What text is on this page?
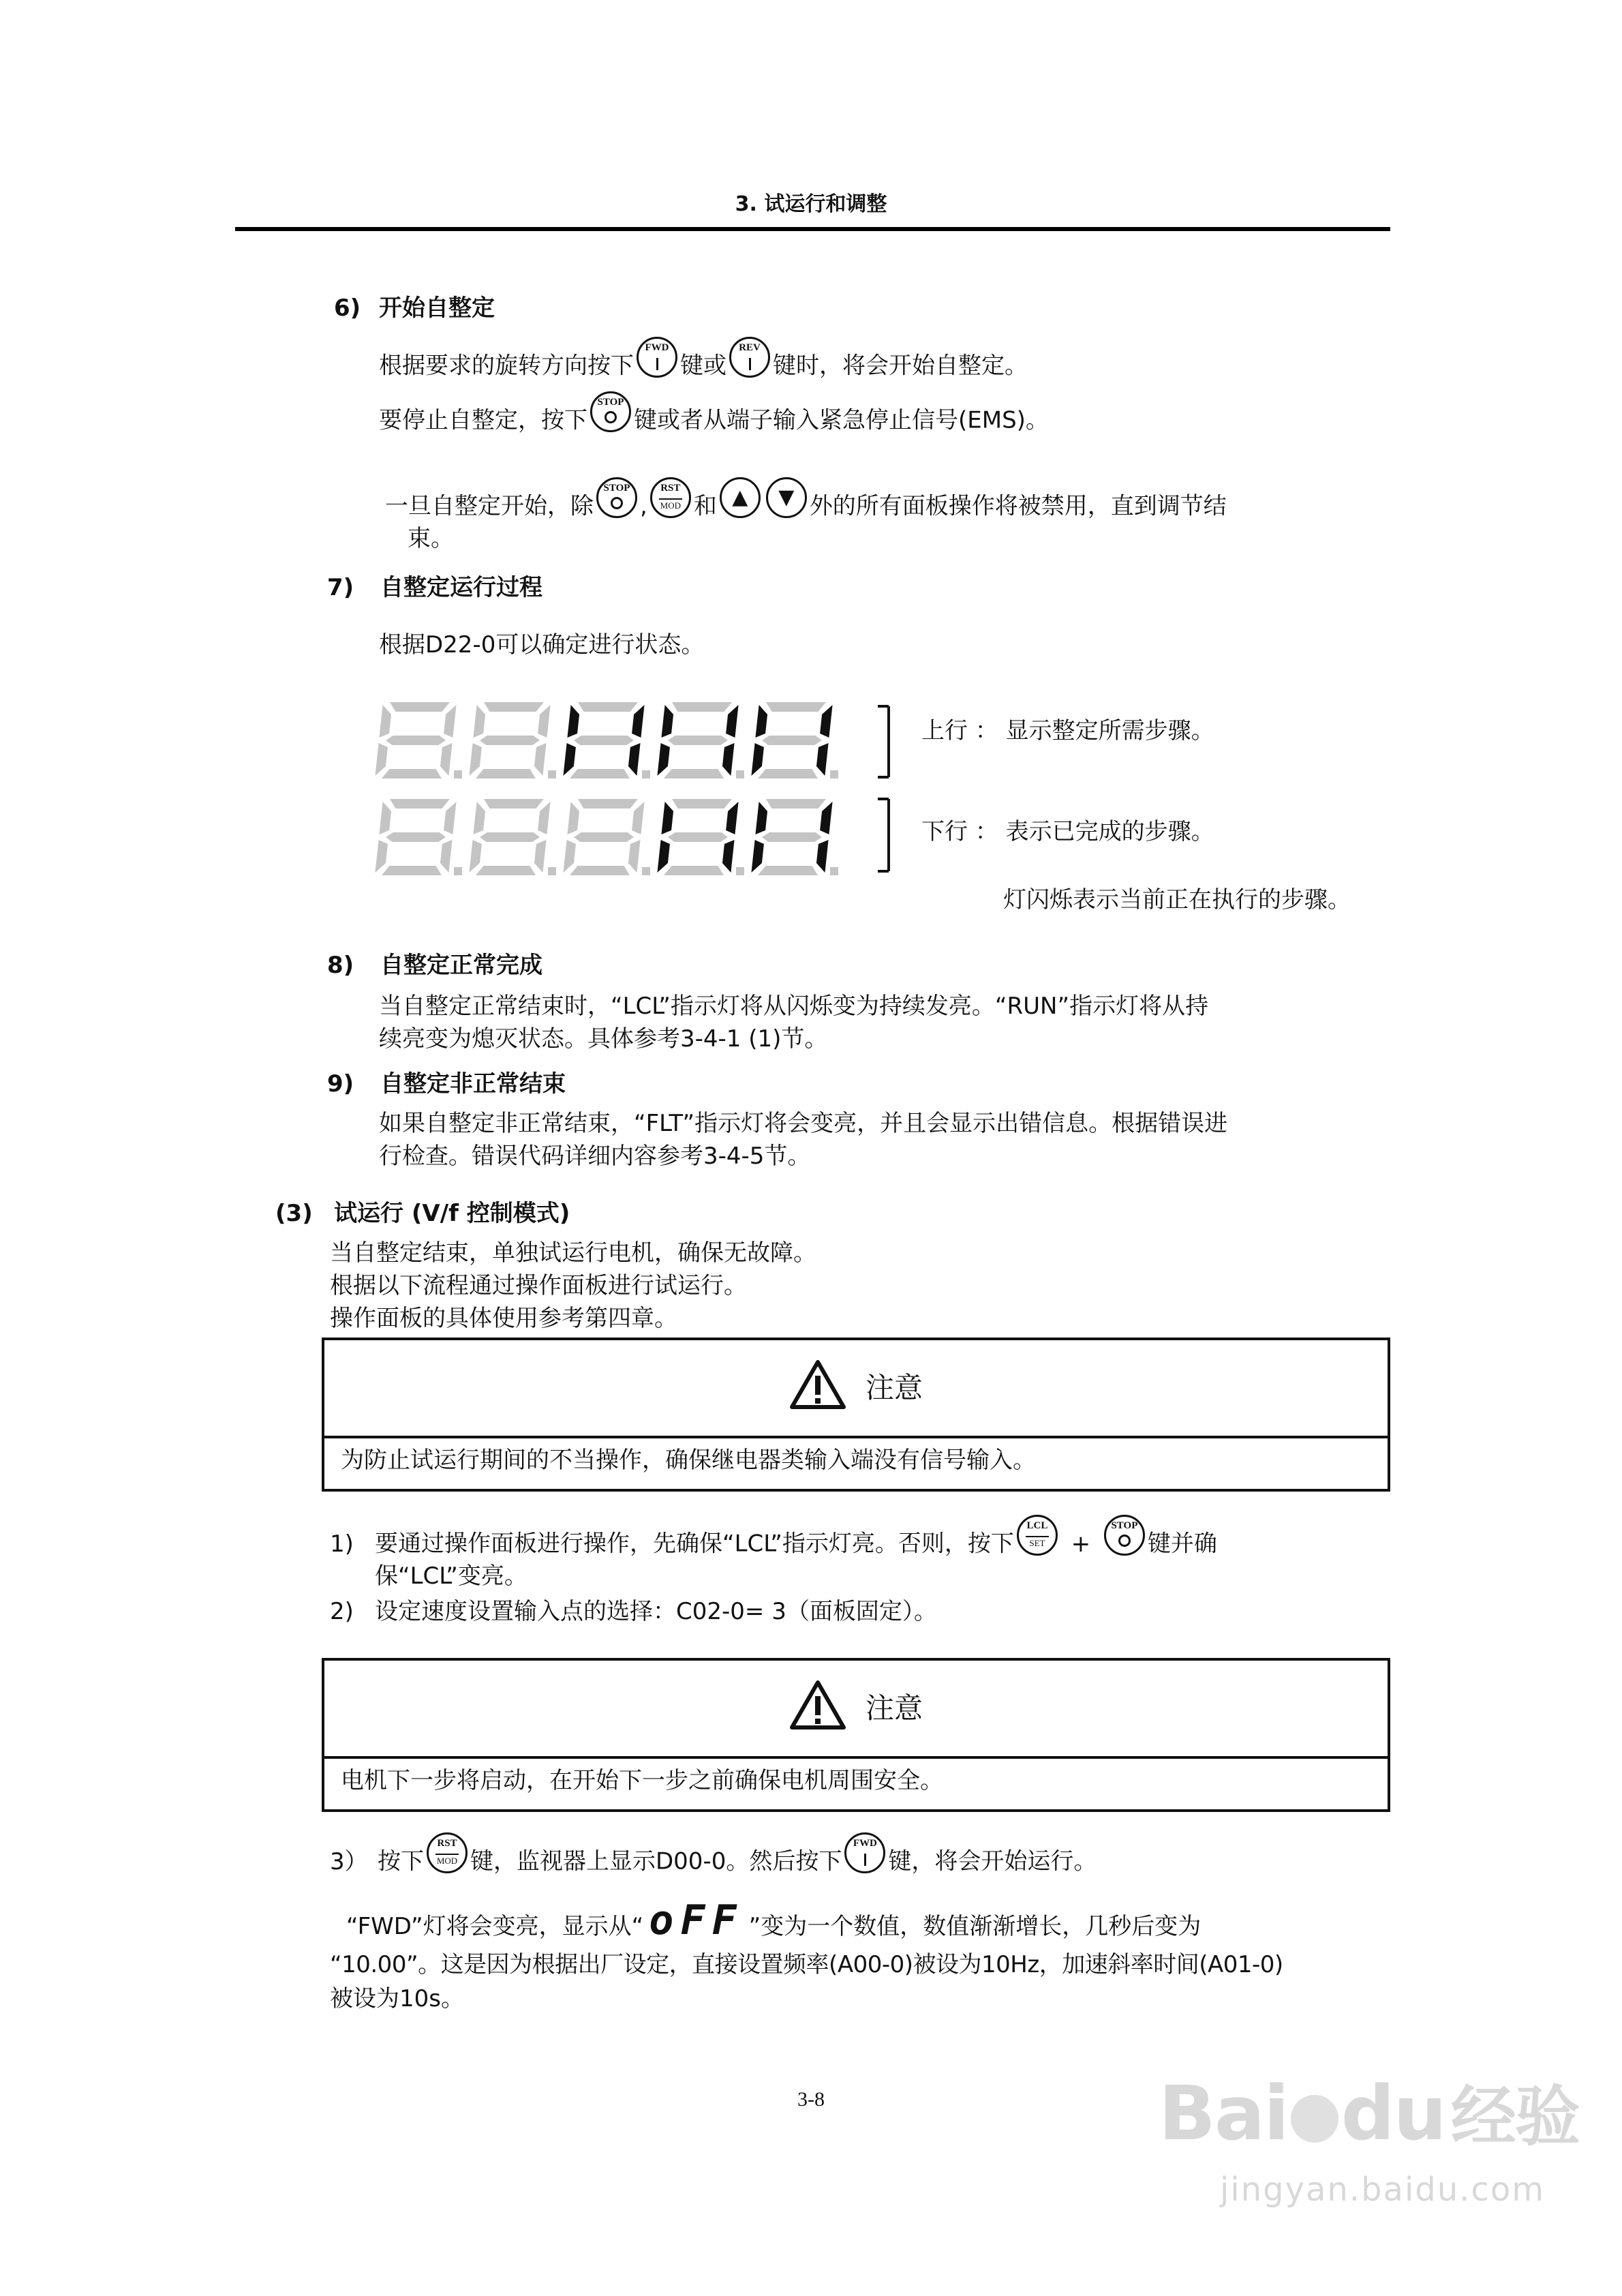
3. 试运行和调整
6) 开始自整定
根据要求的旋转方向按下
FWD
键或
REV
键时，将会开始自整定。
要停止自整定，按下
STOP
键或者从端子输入紧急停止信号(EMS)。
一旦自整定开始，除
STOP
,
RST
MOD 和 ▲	▼ 外的所有面板操作将被禁用，直到调节结
束。
7) 自整定运行过程
根据D22-0可以确定进行状态。
上行 ： 显示整定所需步骤。
下行 ： 表示已完成的步骤。
灯闪烁表示当前正在执行的步骤。
8) 自整定正常完成
当自整定正常结束时，“LCL”指示灯将从闪烁变为持续发亮。“RUN”指示灯将从持
续亮变为熄灭状态。具体参考3-4-1 (1)节。
9) 自整定非正常结束
如果自整定非正常结束，“FLT”指示灯将会变亮，并且会显示出错信息。根据错误进
行检查。错误代码详细内容参考3-4-5节。
(3) 试运行 (V/f 控制模式)
当自整定结束，单独试运行电机，确保无故障。
根据以下流程通过操作面板进行试运行。
操作面板的具体使用参考第四章。
注意
为防止试运行期间的不当操作，确保继电器类输入端没有信号输入。
1) 要通过操作面板进行操作，先确保“LCL”指示灯亮。否则，按下
LCL
SET	+
STOP
键并确
保“LCL”变亮。
2) 设定速度设置输入点的选择：C02-0= 3（面板固定）。
注意
电机下一步将启动，在开始下一步之前确保电机周围安全。
3） 按下
RST
MOD 键，监视器上显示D00-0。然后按下
FWD
键，将会开始运行。
“FWD”灯将会变亮，显示从“ oFF ”变为一个数值，数值渐渐增长，几秒后变为
“10.00”。这是因为根据出厂设定，直接设置频率(A00-0)被设为10Hz，加速斜率时间(A01-0)
被设为10s。
3-8	Bai du经验
jingyan.baidu.com
